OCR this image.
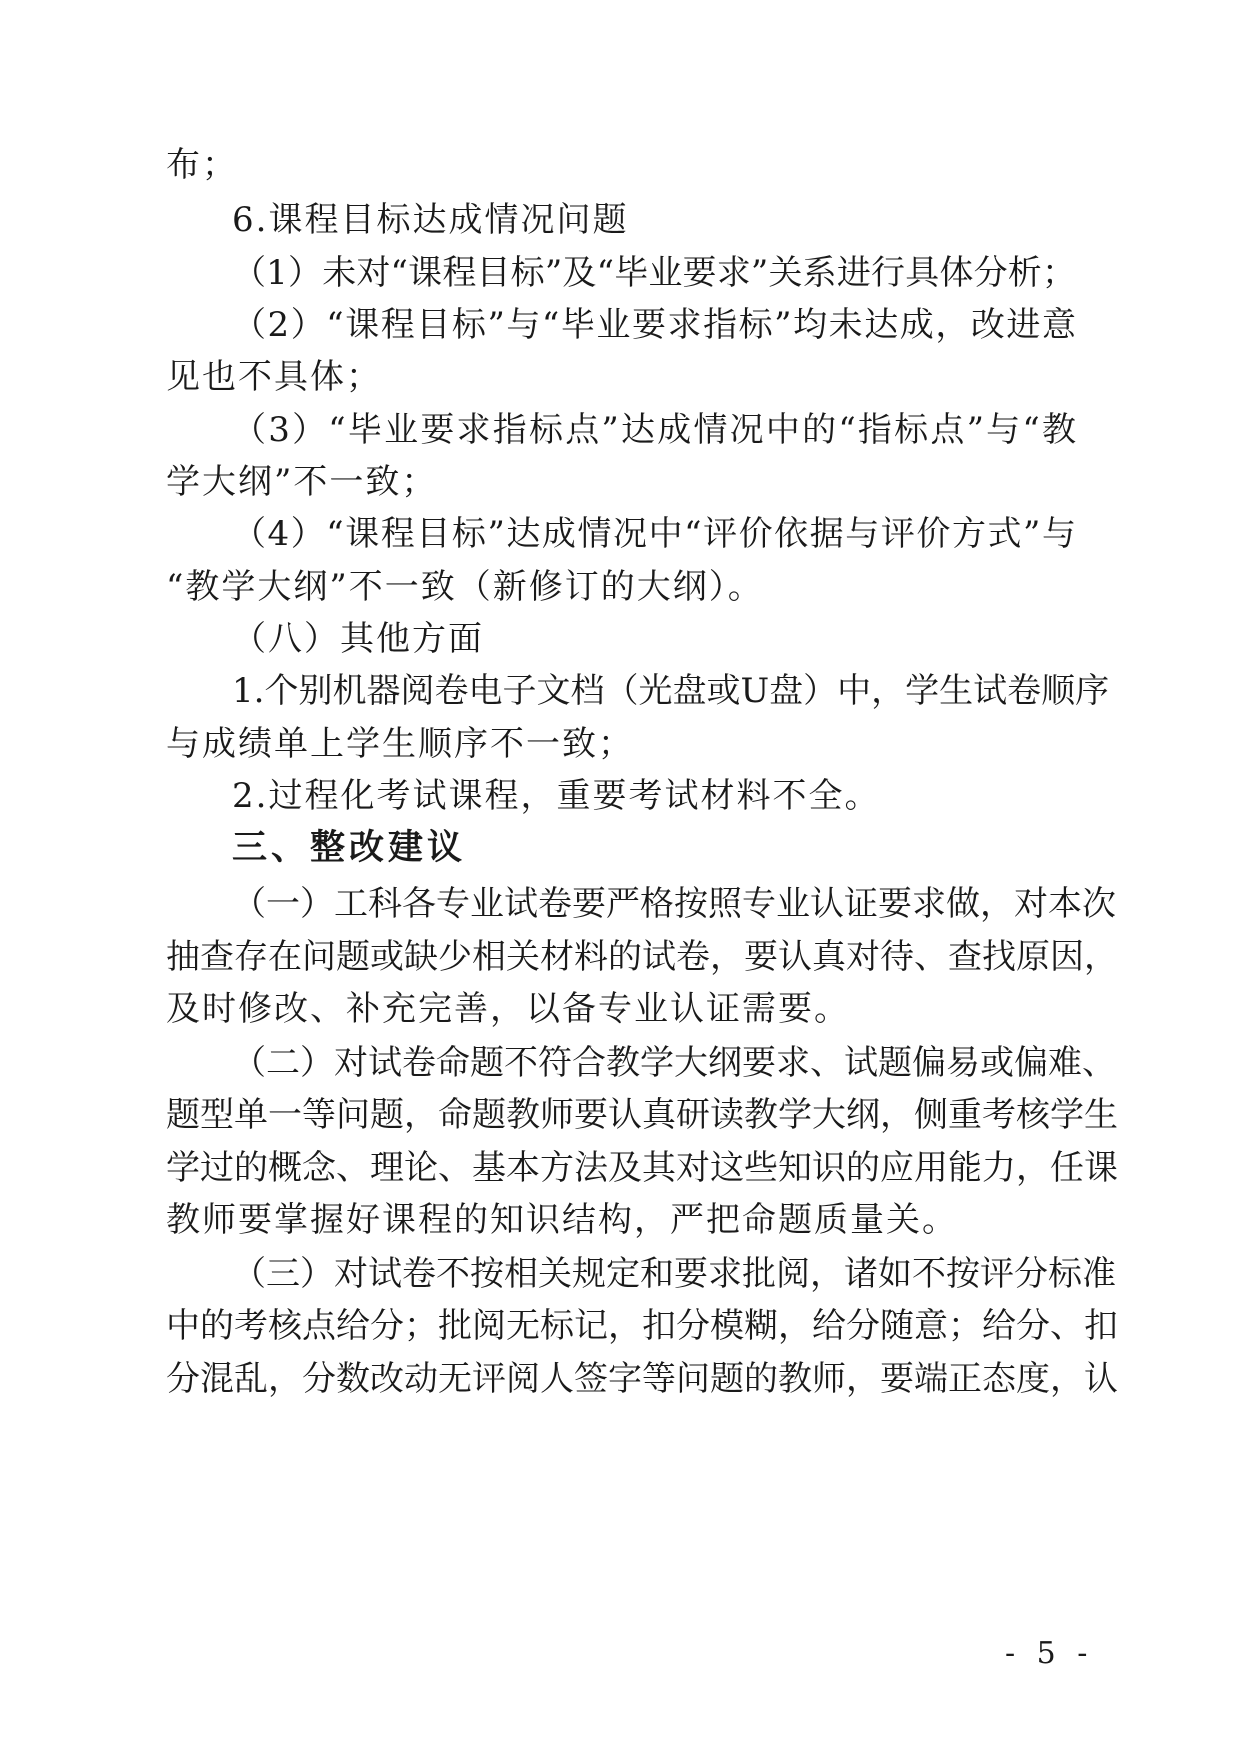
布；
6.课程目标达成情况问题
（1）未对“课程目标”及“毕业要求”关系进行具体分析；
（2）“课程目标”与“毕业要求指标”均未达成，改进意
见也不具体；
（3）“毕业要求指标点”达成情况中的“指标点”与“教
学大纲”不一致；
（4）“课程目标”达成情况中“评价依据与评价方式”与
“教学大纲”不一致（新修订的大纲）。
（八）其他方面
1.个别机器阅卷电子文档（光盘或U盘）中，学生试卷顺序
与成绩单上学生顺序不一致；
2.过程化考试课程，重要考试材料不全。
三、整改建议
（一）工科各专业试卷要严格按照专业认证要求做，对本次
抽查存在问题或缺少相关材料的试卷，要认真对待、查找原因，
及时修改、补充完善，以备专业认证需要。
（二）对试卷命题不符合教学大纲要求、试题偏易或偏难、
题型单一等问题，命题教师要认真研读教学大纲，侧重考核学生
学过的概念、理论、基本方法及其对这些知识的应用能力，任课
教师要掌握好课程的知识结构，严把命题质量关。
（三）对试卷不按相关规定和要求批阅，诸如不按评分标准
中的考核点给分；批阅无标记，扣分模糊，给分随意；给分、扣
分混乱，分数改动无评阅人签字等问题的教师，要端正态度，认
- 5 -
